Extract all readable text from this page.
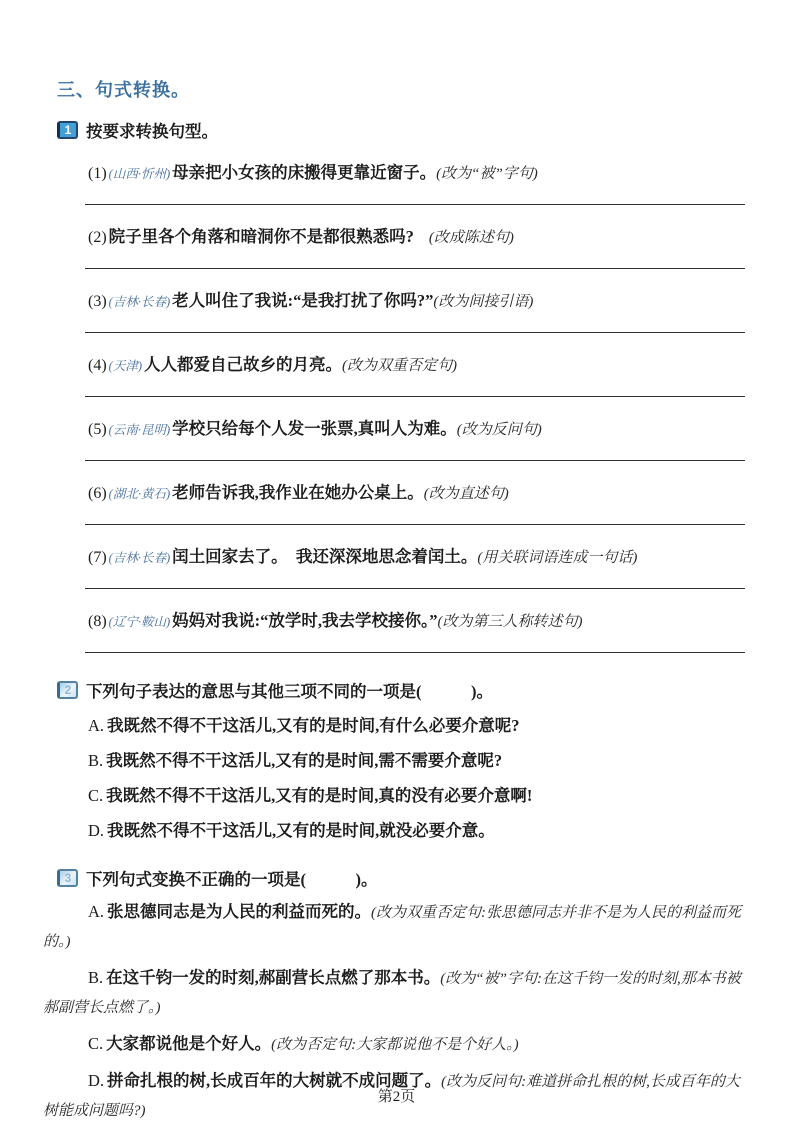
三、句式转换。
1 按要求转换句型。
(1) (山西·忻州) 母亲把小女孩的床搬得更靠近窗子。(改为“被”字句)
(2) 院子里各个角落和暗洞你不是都很熟悉吗?　(改成陈述句)
(3) (吉林·长春) 老人叫住了我说:“是我打扰了你吗?”(改为间接引语)
(4) (天津) 人人都爱自己故乡的月亮。(改为双重否定句)
(5) (云南·昆明) 学校只给每个人发一张票,真叫人为难。(改为反问句)
(6) (湖北·黄石) 老师告诉我,我作业在她办公桌上。(改为直述句)
(7) (吉林·长春) 闰土回家去了。　我还深深地思念着闰土。(用关联词语连成一句话)
(8) (辽宁·鞍山) 妈妈对我说:“放学时,我去学校接你。”(改为第三人称转述句)
2 下列句子表达的意思与其他三项不同的一项是(　　　)。
A. 我既然不得不干这活儿,又有的是时间,有什么必要介意呢?
B. 我既然不得不干这活儿,又有的是时间,需不需要介意呢?
C. 我既然不得不干这活儿,又有的是时间,真的没有必要介意啊!
D. 我既然不得不干这活儿,又有的是时间,就没必要介意。
3 下列句式变换不正确的一项是(　　　)。
A. 张思德同志是为人民的利益而死的。(改为双重否定句:张思德同志并非不是为人民的利益而死的。)
B. 在这千钧一发的时刻,郝副营长点燃了那本书。(改为“被”字句:在这千钧一发的时刻,那本书被郝副营长点燃了。)
C. 大家都说他是个好人。(改为否定句:大家都说他不是个好人。)
D. 拼命扎根的树,长成百年的大树就不成问题了。(改为反问句:难道拼命扎根的树,长成百年的大树能成问题吗?)
第2页
